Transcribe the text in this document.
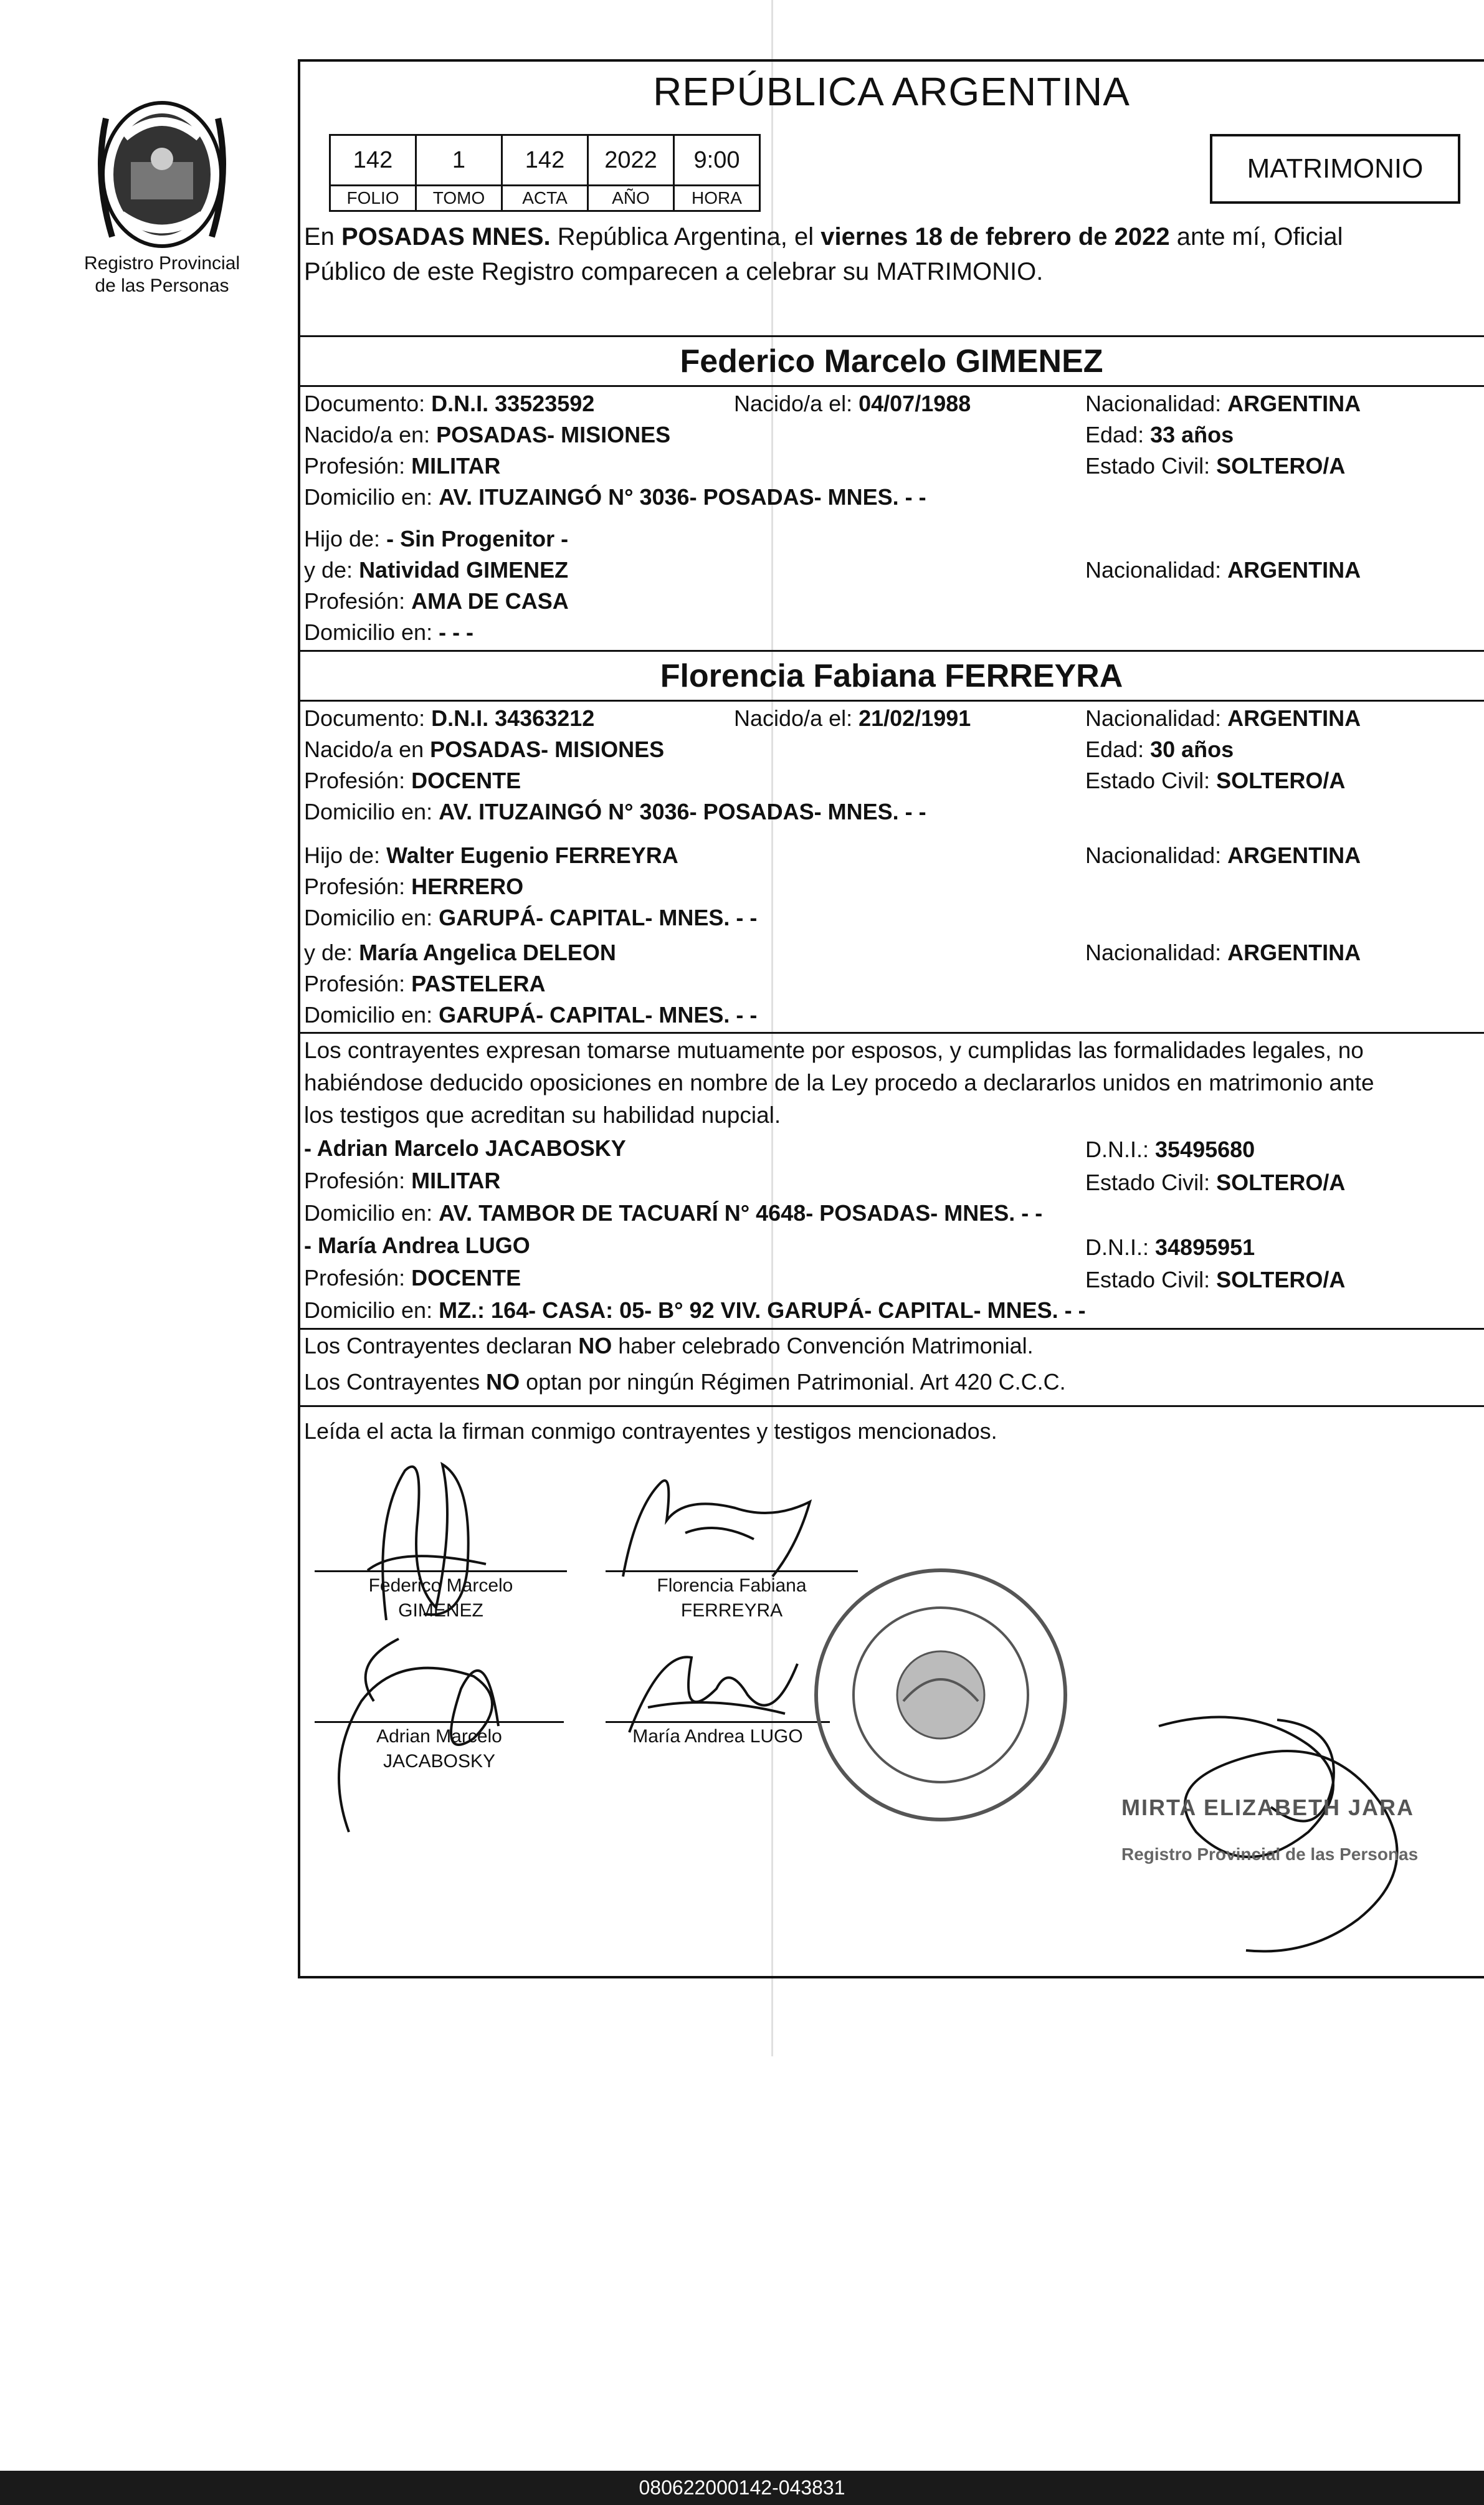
Registro Provincial
de las Personas
REPÚBLICA ARGENTINA
142	1	142	2022	9:00
FOLIO	TOMO	ACTA	AÑO	HORA
MATRIMONIO
En POSADAS MNES. República Argentina, el viernes 18 de febrero de 2022 ante mí, Oficial
Público de este Registro comparecen a celebrar su MATRIMONIO.
Federico Marcelo GIMENEZ
Documento: D.N.I. 33523592	Nacido/a el: 04/07/1988	Nacionalidad: ARGENTINA
Nacido/a en: POSADAS- MISIONES	Edad: 33 años
Profesión: MILITAR	Estado Civil: SOLTERO/A
Domicilio en: AV. ITUZAINGÓ N° 3036- POSADAS- MNES. - -
Hijo de: - Sin Progenitor -
y de: Natividad GIMENEZ	Nacionalidad: ARGENTINA
Profesión: AMA DE CASA
Domicilio en: - - -
Florencia Fabiana FERREYRA
Documento: D.N.I. 34363212	Nacido/a el: 21/02/1991	Nacionalidad: ARGENTINA
Nacido/a en POSADAS- MISIONES	Edad: 30 años
Profesión: DOCENTE	Estado Civil: SOLTERO/A
Domicilio en: AV. ITUZAINGÓ N° 3036- POSADAS- MNES. - -
Hijo de: Walter Eugenio FERREYRA	Nacionalidad: ARGENTINA
Profesión: HERRERO
Domicilio en: GARUPÁ- CAPITAL- MNES. - -
y de: María Angelica DELEON	Nacionalidad: ARGENTINA
Profesión: PASTELERA
Domicilio en: GARUPÁ- CAPITAL- MNES. - -
Los contrayentes expresan tomarse mutuamente por esposos, y cumplidas las formalidades legales, no
habiéndose deducido oposiciones en nombre de la Ley procedo a declararlos unidos en matrimonio ante
los testigos que acreditan su habilidad nupcial.
- Adrian Marcelo JACABOSKY	D.N.I.: 35495680
Profesión: MILITAR	Estado Civil: SOLTERO/A
Domicilio en: AV. TAMBOR DE TACUARÍ N° 4648- POSADAS- MNES. - -
- María Andrea LUGO	D.N.I.: 34895951
Profesión: DOCENTE	Estado Civil: SOLTERO/A
Domicilio en: MZ.: 164- CASA: 05- B° 92 VIV. GARUPÁ- CAPITAL- MNES. - -
Los Contrayentes declaran NO haber celebrado Convención Matrimonial.
Los Contrayentes NO optan por ningún Régimen Patrimonial. Art 420 C.C.C.
Leída el acta la firman conmigo contrayentes y testigos mencionados.
Federico Marcelo
GIMENEZ
Florencia Fabiana
FERREYRA
Adrian Marcelo
JACABOSKY
María Andrea LUGO
MIRTA ELIZABETH JARA
Registro Provincial de las Personas
080622000142-043831
